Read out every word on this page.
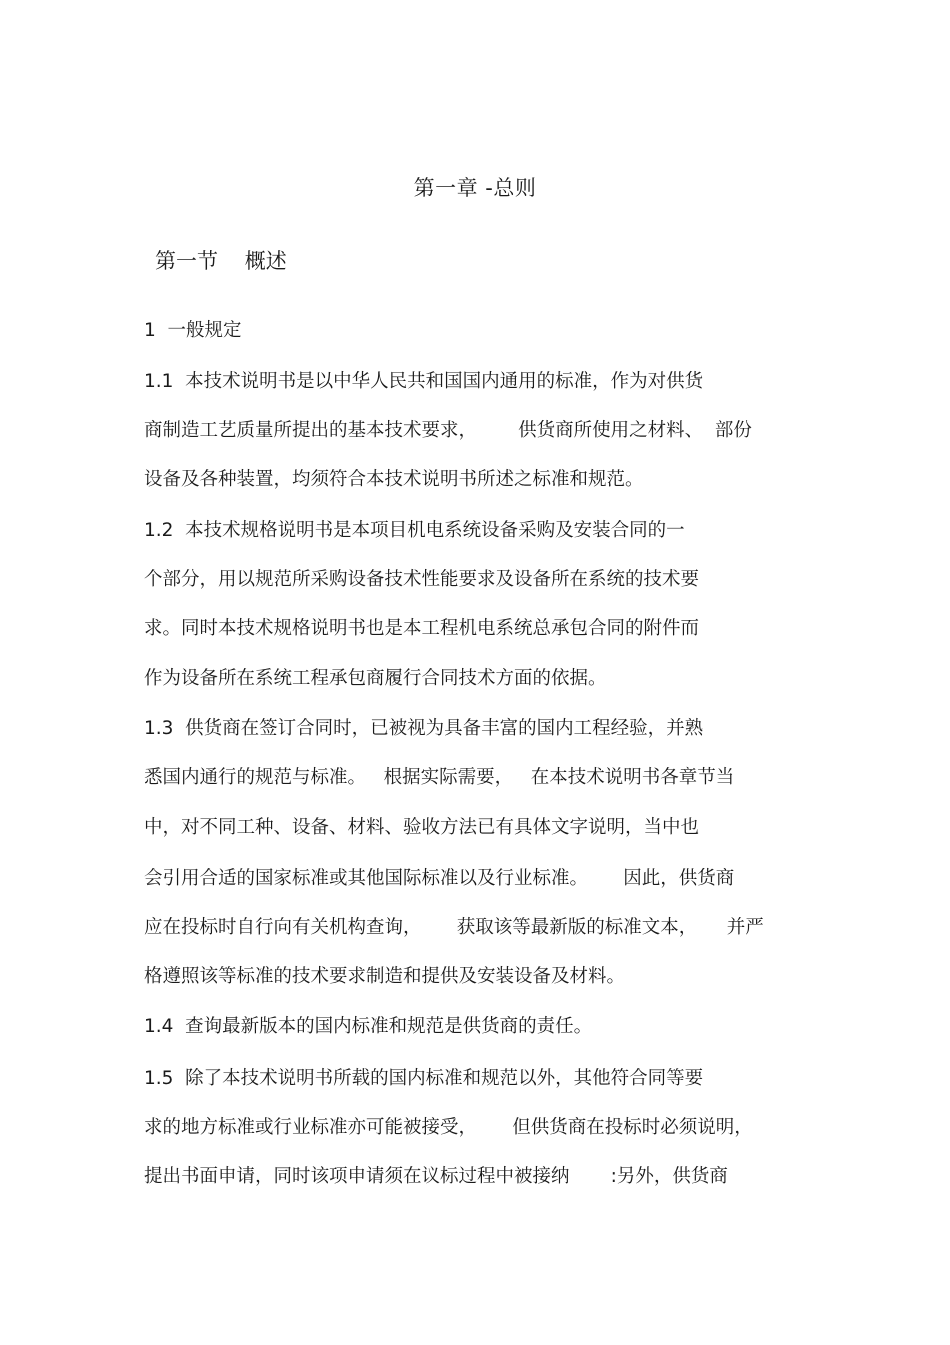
第一章 -总则
第一节    概述
1  一般规定
1.1  本技术说明书是以中华人民共和国国内通用的标准，作为对供货
商制造工艺质量所提出的基本技术要求，       供货商所使用之材料、  部份
设备及各种装置，均须符合本技术说明书所述之标准和规范。
1.2  本技术规格说明书是本项目机电系统设备采购及安装合同的一
个部分，用以规范所采购设备技术性能要求及设备所在系统的技术要
求。同时本技术规格说明书也是本工程机电系统总承包合同的附件而
作为设备所在系统工程承包商履行合同技术方面的依据。
1.3  供货商在签订合同时，已被视为具备丰富的国内工程经验，并熟
悉国内通行的规范与标准。   根据实际需要，   在本技术说明书各章节当
中，对不同工种、设备、材料、验收方法已有具体文字说明，当中也
会引用合适的国家标准或其他国际标准以及行业标准。      因此，供货商
应在投标时自行向有关机构查询，      获取该等最新版的标准文本，     并严
格遵照该等标准的技术要求制造和提供及安装设备及材料。
1.4  查询最新版本的国内标准和规范是供货商的责任。
1.5  除了本技术说明书所载的国内标准和规范以外，其他符合同等要
求的地方标准或行业标准亦可能被接受，      但供货商在投标时必须说明，
提出书面申请，同时该项申请须在议标过程中被接纳       :另外，供货商
